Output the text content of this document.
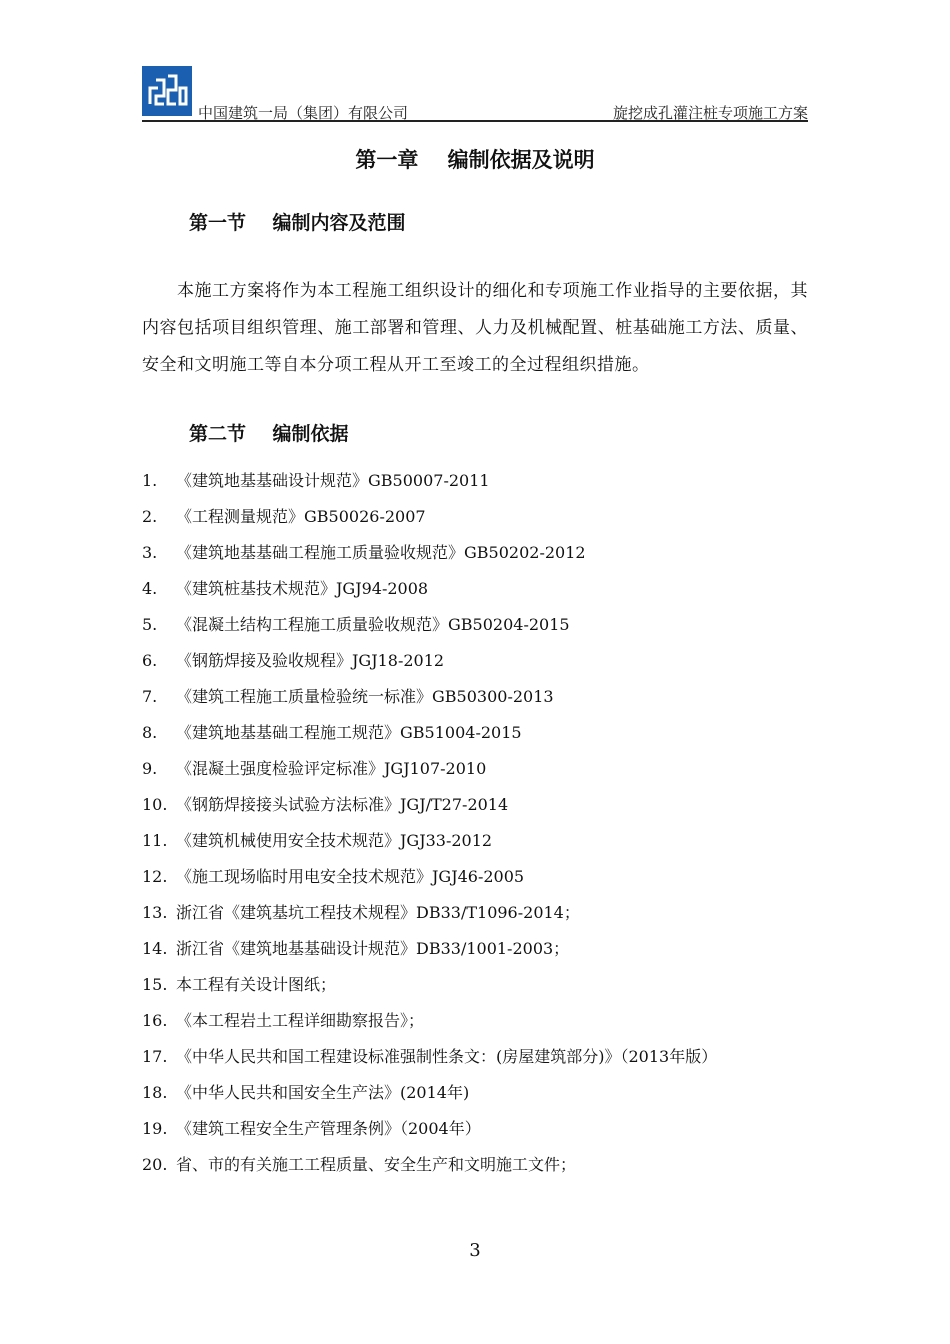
中国建筑一局（集团）有限公司	旋挖成孔灌注桩专项施工方案
第一章    编制依据及说明
第一节    编制内容及范围

本施工方案将作为本工程施工组织设计的细化和专项施工作业指导的主要依据，其内容包括项目组织管理、施工部署和管理、人力及机械配置、桩基础施工方法、质量、安全和文明施工等自本分项工程从开工至竣工的全过程组织措施。

第二节    编制依据
1. 《建筑地基基础设计规范》GB50007-2011
2. 《工程测量规范》GB50026-2007
3. 《建筑地基基础工程施工质量验收规范》GB50202-2012
4. 《建筑桩基技术规范》JGJ94-2008
5. 《混凝土结构工程施工质量验收规范》GB50204-2015
6. 《钢筋焊接及验收规程》JGJ18-2012
7. 《建筑工程施工质量检验统一标准》GB50300-2013
8. 《建筑地基基础工程施工规范》GB51004-2015
9. 《混凝土强度检验评定标准》JGJ107-2010
10. 《钢筋焊接接头试验方法标准》JGJ/T27-2014
11. 《建筑机械使用安全技术规范》JGJ33-2012
12. 《施工现场临时用电安全技术规范》JGJ46-2005
13. 浙江省《建筑基坑工程技术规程》DB33/T1096-2014；
14. 浙江省《建筑地基基础设计规范》DB33/1001-2003；
15. 本工程有关设计图纸；
16. 《本工程岩土工程详细勘察报告》；
17. 《中华人民共和国工程建设标准强制性条文：(房屋建筑部分)》（2013年版）
18. 《中华人民共和国安全生产法》(2014年)
19. 《建筑工程安全生产管理条例》（2004年）
20. 省、市的有关施工工程质量、安全生产和文明施工文件；
3
